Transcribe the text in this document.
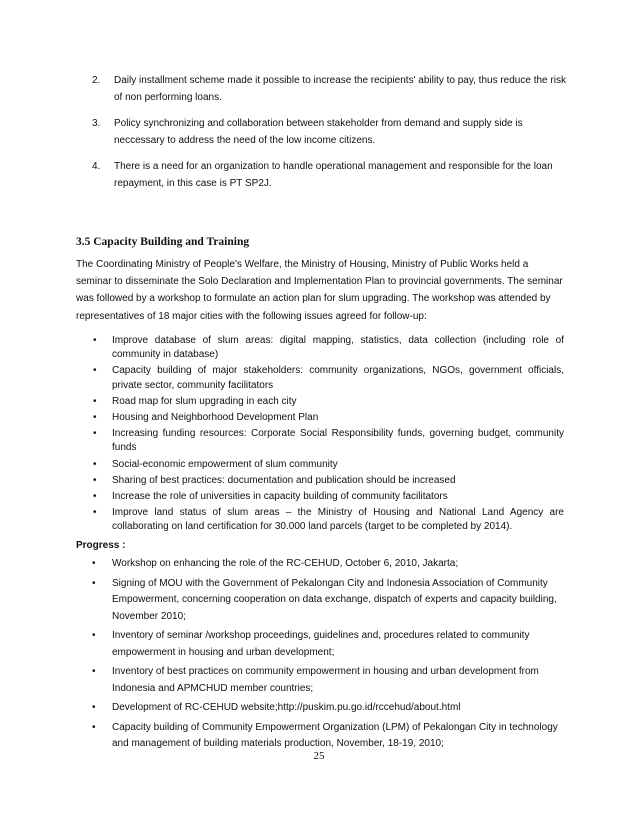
2. Daily installment scheme made it possible to increase the recipients' ability to pay, thus reduce the risk of non performing loans.
3. Policy synchronizing and collaboration between stakeholder from demand and supply side is neccessary to address the need of the low income citizens.
4. There is a need for an organization to handle operational management and responsible for the loan repayment, in this case is PT SP2J.
3.5 Capacity Building and Training
The Coordinating Ministry of People's Welfare, the Ministry of Housing, Ministry of Public Works held a seminar to disseminate the Solo Declaration and Implementation Plan to provincial governments. The seminar was followed by a workshop to formulate an action plan for slum upgrading. The workshop was attended by representatives of 18 major cities with the following issues agreed for follow-up:
• Improve database of slum areas: digital mapping, statistics, data collection (including role of community in database)
• Capacity building of major stakeholders: community organizations, NGOs, government officials, private sector, community facilitators
• Road map for slum upgrading in each city
• Housing and Neighborhood Development Plan
• Increasing funding resources: Corporate Social Responsibility funds, governing budget, community funds
• Social-economic empowerment of slum community
• Sharing of best practices: documentation and publication should be increased
• Increase the role of universities in capacity building of community facilitators
• Improve land status of slum areas – the Ministry of Housing and National Land Agency are collaborating on land certification for 30.000 land parcels (target to be completed by 2014).
Progress :
• Workshop on enhancing the role of the RC-CEHUD, October 6, 2010, Jakarta;
• Signing of MOU with the Government of Pekalongan City and Indonesia Association of Community Empowerment, concerning cooperation on data exchange, dispatch of experts and capacity building, November 2010;
• Inventory of seminar /workshop proceedings, guidelines and, procedures related to community empowerment in housing and urban development;
• Inventory of best practices on community empowerment in housing and urban development from Indonesia and APMCHUD member countries;
• Development of RC-CEHUD website;http://puskim.pu.go.id/rccehud/about.html
• Capacity building of Community Empowerment Organization (LPM) of Pekalongan City in technology and management of building materials production, November, 18-19, 2010;
25
